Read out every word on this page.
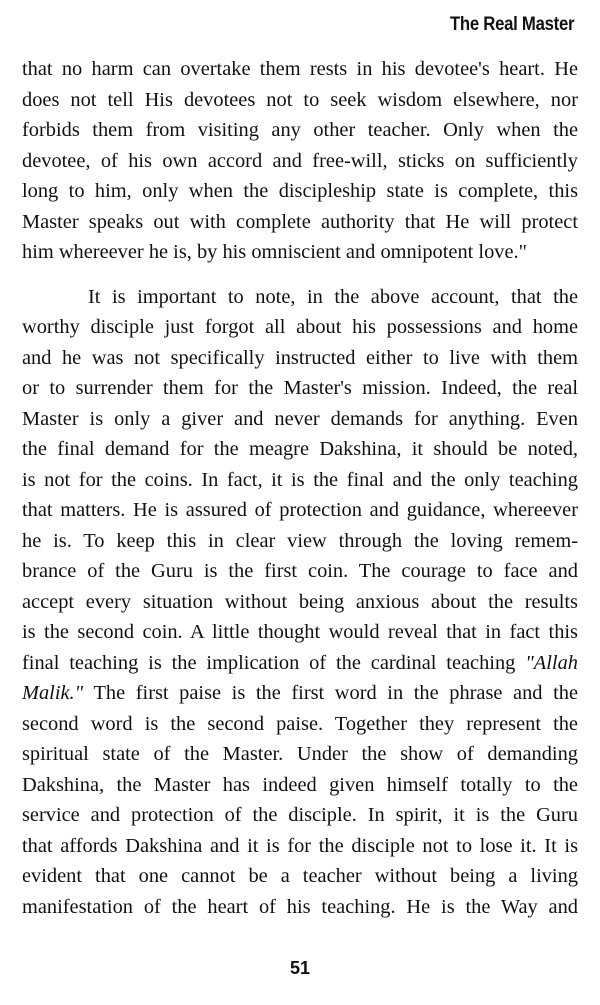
The Real Master
that no harm can overtake them rests in his devotee's heart. He
does not tell His devotees not to seek wisdom elsewhere, nor
forbids them from visiting any other teacher. Only when the
devotee, of his own accord and free-will, sticks on sufficiently
long to him, only when the discipleship state is complete, this
Master speaks out with complete authority that He will protect
him whereever he is, by his omniscient and omnipotent love."
It is important to note, in the above account, that the
worthy disciple just forgot all about his possessions and home
and he was not specifically instructed either to live with them
or to surrender them for the Master's mission. Indeed, the real
Master is only a giver and never demands for anything. Even
the final demand for the meagre Dakshina, it should be noted,
is not for the coins. In fact, it is the final and the only teaching
that matters. He is assured of protection and guidance, whereever
he is. To keep this in clear view through the loving remem-
brance of the Guru is the first coin. The courage to face and
accept every situation without being anxious about the results
is the second coin. A little thought would reveal that in fact this
final teaching is the implication of the cardinal teaching "Allah
Malik." The first paise is the first word in the phrase and the
second word is the second paise. Together they represent the
spiritual state of the Master. Under the show of demanding
Dakshina, the Master has indeed given himself totally to the
service and protection of the disciple. In spirit, it is the Guru
that affords Dakshina and it is for the disciple not to lose it. It is
evident that one cannot be a teacher without being a living
manifestation of the heart of his teaching. He is the Way and
51
